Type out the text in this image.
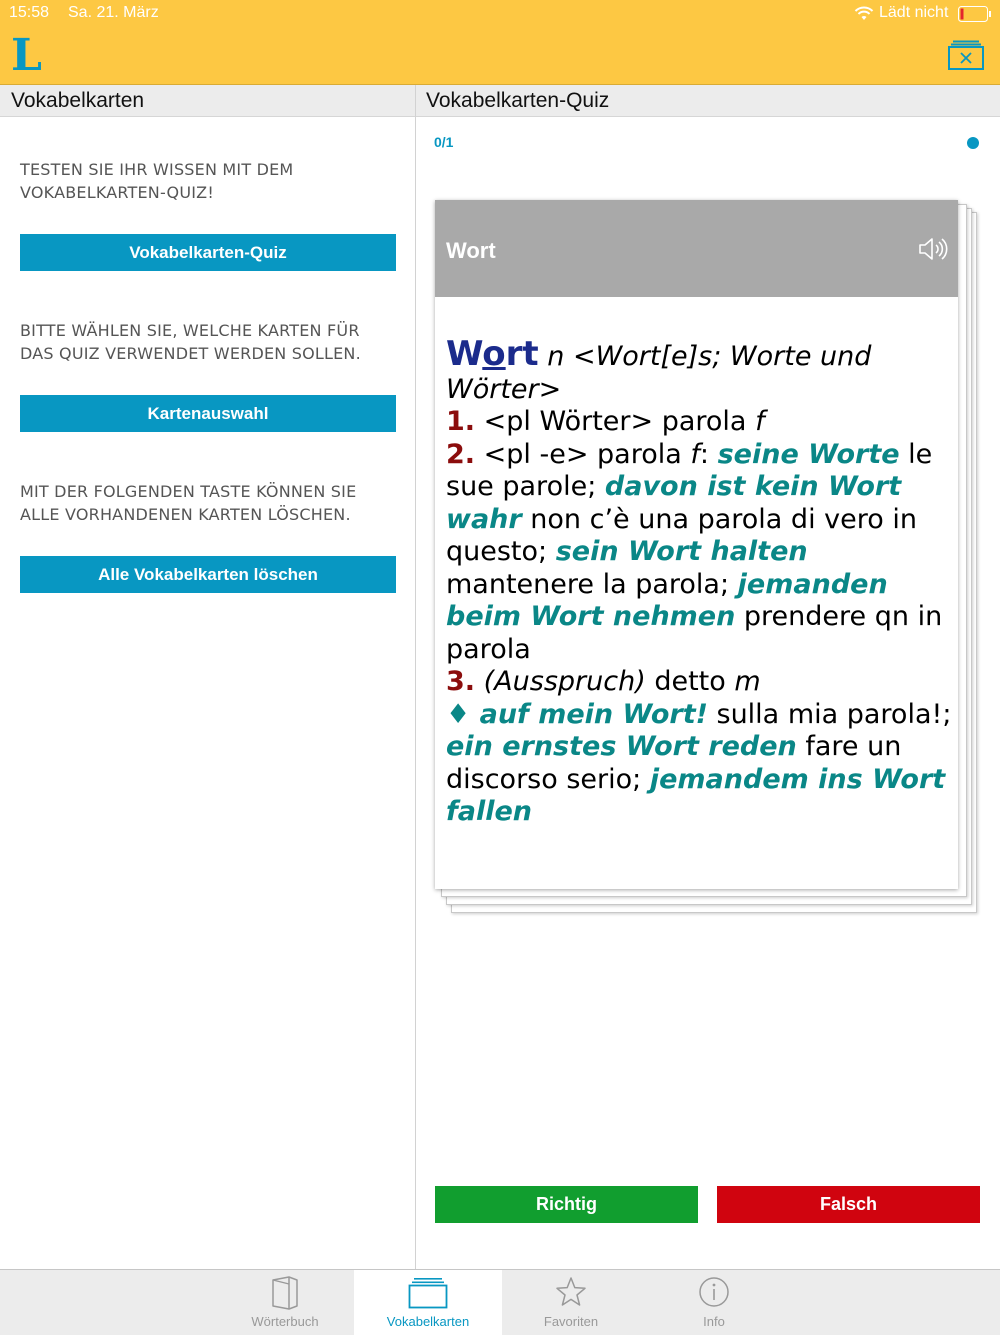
15:58 Sa. 21. März	Lädt nicht
L
Vokabelkarten	Vokabelkarten-Quiz
TESTEN SIE IHR WISSEN MIT DEM VOKABELKARTEN-QUIZ!
Vokabelkarten-Quiz
BITTE WÄHLEN SIE, WELCHE KARTEN FÜR DAS QUIZ VERWENDET WERDEN SOLLEN.
Kartenauswahl
MIT DER FOLGENDEN TASTE KÖNNEN SIE ALLE VORHANDENEN KARTEN LÖSCHEN.
Alle Vokabelkarten löschen
0/1
Wort
Wort n <Wort[e]s; Worte und Wörter>
1. <pl Wörter> parola f
2. <pl -e> parola f: seine Worte le sue parole; davon ist kein Wort wahr non c’è una parola di vero in questo; sein Wort halten mantenere la parola; jemanden beim Wort nehmen prendere qn in parola
3. (Ausspruch) detto m
♦ auf mein Wort! sulla mia parola!; ein ernstes Wort reden fare un discorso serio; jemandem ins Wort fallen
Richtig	Falsch
Wörterbuch	Vokabelkarten	Favoriten	Info
